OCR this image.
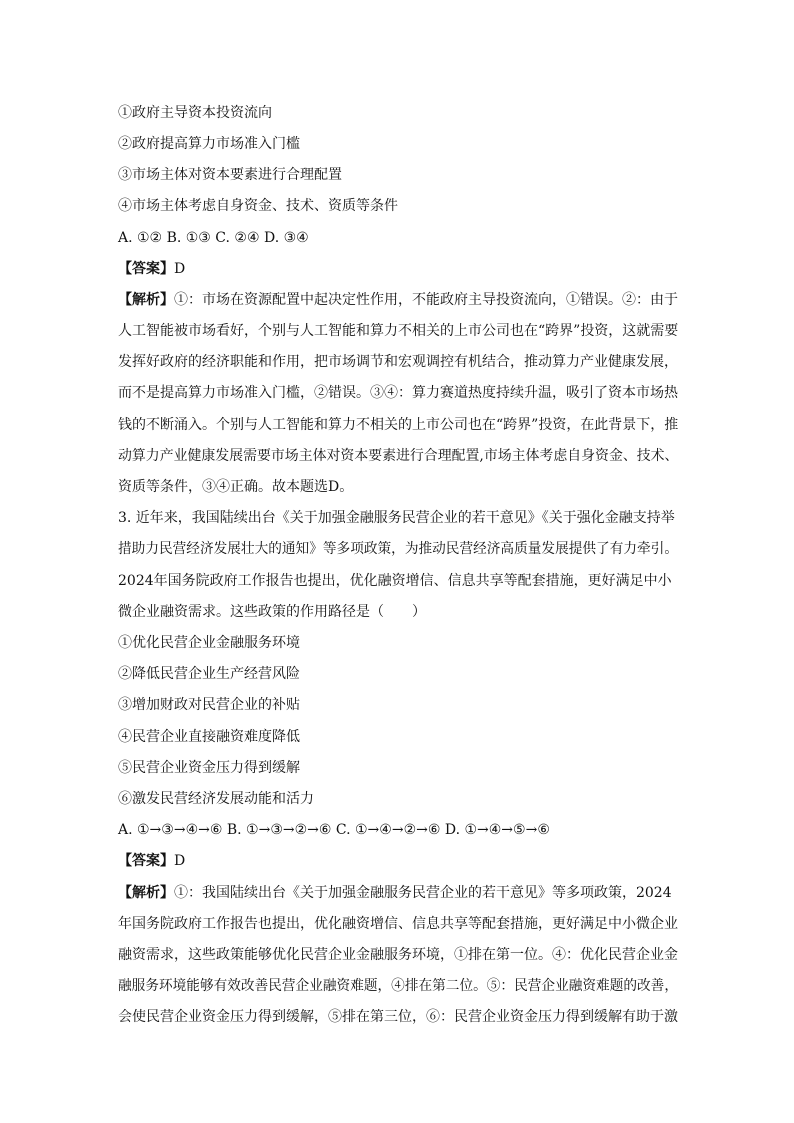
①政府主导资本投资流向
②政府提高算力市场准入门槛
③市场主体对资本要素进行合理配置
④市场主体考虑自身资金、技术、资质等条件
A. ①② B. ①③ C. ②④ D. ③④
【答案】D
【解析】①：市场在资源配置中起决定性作用，不能政府主导投资流向，①错误。②：由于
人工智能被市场看好，个别与人工智能和算力不相关的上市公司也在“跨界”投资，这就需要
发挥好政府的经济职能和作用，把市场调节和宏观调控有机结合，推动算力产业健康发展，
而不是提高算力市场准入门槛，②错误。③④：算力赛道热度持续升温，吸引了资本市场热
钱的不断涌入。个别与人工智能和算力不相关的上市公司也在“跨界”投资，在此背景下，推
动算力产业健康发展需要市场主体对资本要素进行合理配置,市场主体考虑自身资金、技术、
资质等条件，③④正确。故本题选D。
3. 近年来，我国陆续出台《关于加强金融服务民营企业的若干意见》《关于强化金融支持举
措助力民营经济发展壮大的通知》等多项政策，为推动民营经济高质量发展提供了有力牵引。
2024年国务院政府工作报告也提出，优化融资增信、信息共享等配套措施，更好满足中小
微企业融资需求。这些政策的作用路径是（　　）
①优化民营企业金融服务环境
②降低民营企业生产经营风险
③增加财政对民营企业的补贴
④民营企业直接融资难度降低
⑤民营企业资金压力得到缓解
⑥激发民营经济发展动能和活力
A. ①→③→④→⑥ B. ①→③→②→⑥ C. ①→④→②→⑥ D. ①→④→⑤→⑥
【答案】D
【解析】①：我国陆续出台《关于加强金融服务民营企业的若干意见》等多项政策，2024
年国务院政府工作报告也提出，优化融资增信、信息共享等配套措施，更好满足中小微企业
融资需求，这些政策能够优化民营企业金融服务环境，①排在第一位。④：优化民营企业金
融服务环境能够有效改善民营企业融资难题，④排在第二位。⑤：民营企业融资难题的改善，
会使民营企业资金压力得到缓解，⑤排在第三位，⑥：民营企业资金压力得到缓解有助于激
